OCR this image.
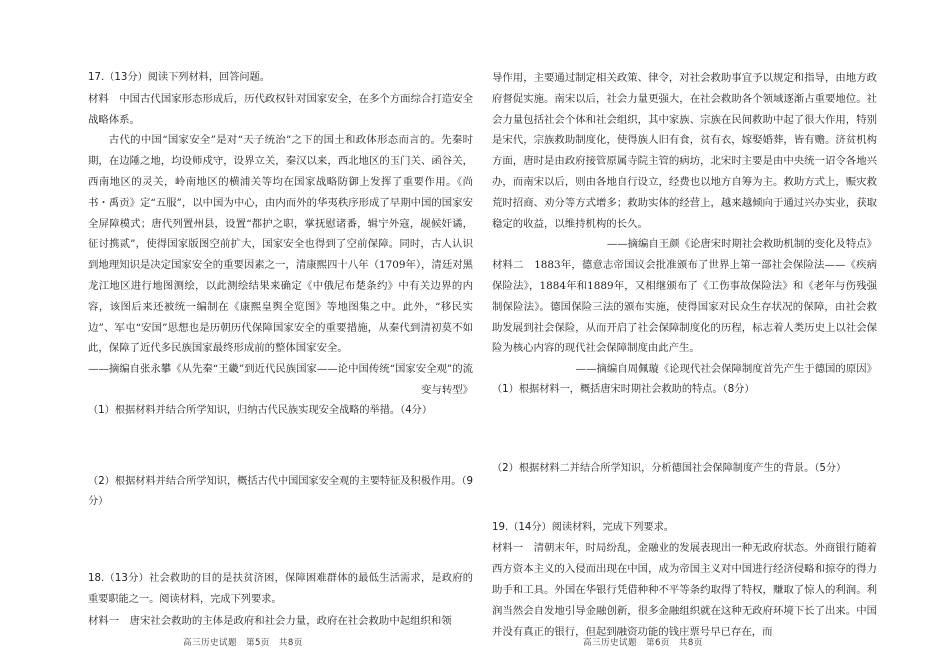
17.（13分）阅读下列材料，回答问题。

材料　中国古代国家形态形成后，历代政权针对国家安全，在多个方面综合打造安全战略体系。

古代的中国“国家安全”是对“天子统治”之下的国土和政体形态而言的。先秦时期，在边陲之地，均设师戍守，设界立关，秦汉以来，西北地区的玉门关、函谷关，西南地区的灵关，岭南地区的横浦关等均在国家战略防御上发挥了重要作用。《尚书・禹贡》定“五服”，以中国为中心，由内而外的华夷秩序形成了早期中国的国家安全屏障模式；唐代列置州县，设置“都护之职，掌抚慰诸番，辑宁外寇，觇候奸谲，征讨携贰”，使得国家版图空前扩大，国家安全也得到了空前保障。同时，古人认识到地理知识是决定国家安全的重要因素之一，清康熙四十八年（1709年），清廷对黑龙江地区进行地图测绘，以此测绘结果来确定《中俄尼布楚条约》中有关边界的内容，该图后来还被统一编制在《康熙皇舆全览图》等地图集之中。此外，“移民实边”、军屯“安国”思想也是历朝历代保障国家安全的重要措施，从秦代到清初莫不如此，保障了近代多民族国家最终形成前的整体国家安全。

——摘编自张永攀《从先秦“王畿”到近代民族国家——论中国传统“国家安全观”的流变与转型》

（1）根据材料并结合所学知识，归纳古代民族实现安全战略的举措。（4分）

（2）根据材料并结合所学知识，概括古代中国国家安全观的主要特征及积极作用。（9分）

18.（13分）社会救助的目的是扶贫济困，保障困难群体的最低生活需求，是政府的重要职能之一。阅读材料，完成下列要求。

材料一　唐宋社会救助的主体是政府和社会力量，政府在社会救助中起组织和领

导作用，主要通过制定相关政策、律令，对社会救助事宜予以规定和指导，由地方政府督促实施。南宋以后，社会力量更强大，在社会救助各个领域逐渐占重要地位。社会力量包括社会个体和社会组织，其中家族、宗族在民间救助中起了很大作用，特别是宋代，宗族救助制度化，使得族人旧有食，贫有衣，嫁娶婚葬，皆有赡。济贫机构方面，唐时是由政府接管原属寺院主管的病坊，北宋时主要是由中央统一诏令各地兴办，而南宋以后，则由各地自行设立，经费也以地方自筹为主。救助方式上，赈灾救荒时招商、劝分等方式增多；救助实体的经营上，越来越倾向于通过兴办实业，获取稳定的收益，以维持机构的长久。

——摘编自王颜《论唐宋时期社会救助机制的变化及特点》

材料二　1883年，德意志帝国议会批准颁布了世界上第一部社会保险法——《疾病保险法》，1884年和1889年，又相继颁布了《工伤事故保险法》和《老年与伤残强制保险法》。德国保险三法的颁布实施，使得国家对民众生存状况的保障，由社会救助发展到社会保险，从而开启了社会保障制度化的历程，标志着人类历史上以社会保险为核心内容的现代社会保障制度由此产生。

——摘编自周佩璇《论现代社会保障制度首先产生于德国的原因》

（1）根据材料一，概括唐宋时期社会救助的特点。（8分）

（2）根据材料二并结合所学知识，分析德国社会保障制度产生的背景。（5分）

19.（14分）阅读材料，完成下列要求。

材料一　清朝末年，时局纷乱，金融业的发展表现出一种无政府状态。外商银行随着西方资本主义的入侵而出现在中国，成为帝国主义对中国进行经济侵略和掠夺的得力助手和工具。外国在华银行凭借种种不平等条约取得了特权，赚取了惊人的利润。利润当然会自发地引导金融创新，很多金融组织就在这种无政府环境下长了出来。中国并没有真正的银行，但起到融资功能的钱庄票号早已存在，而

高三历史试题　第5页　共8页	高三历史试题　第6页　共8页
